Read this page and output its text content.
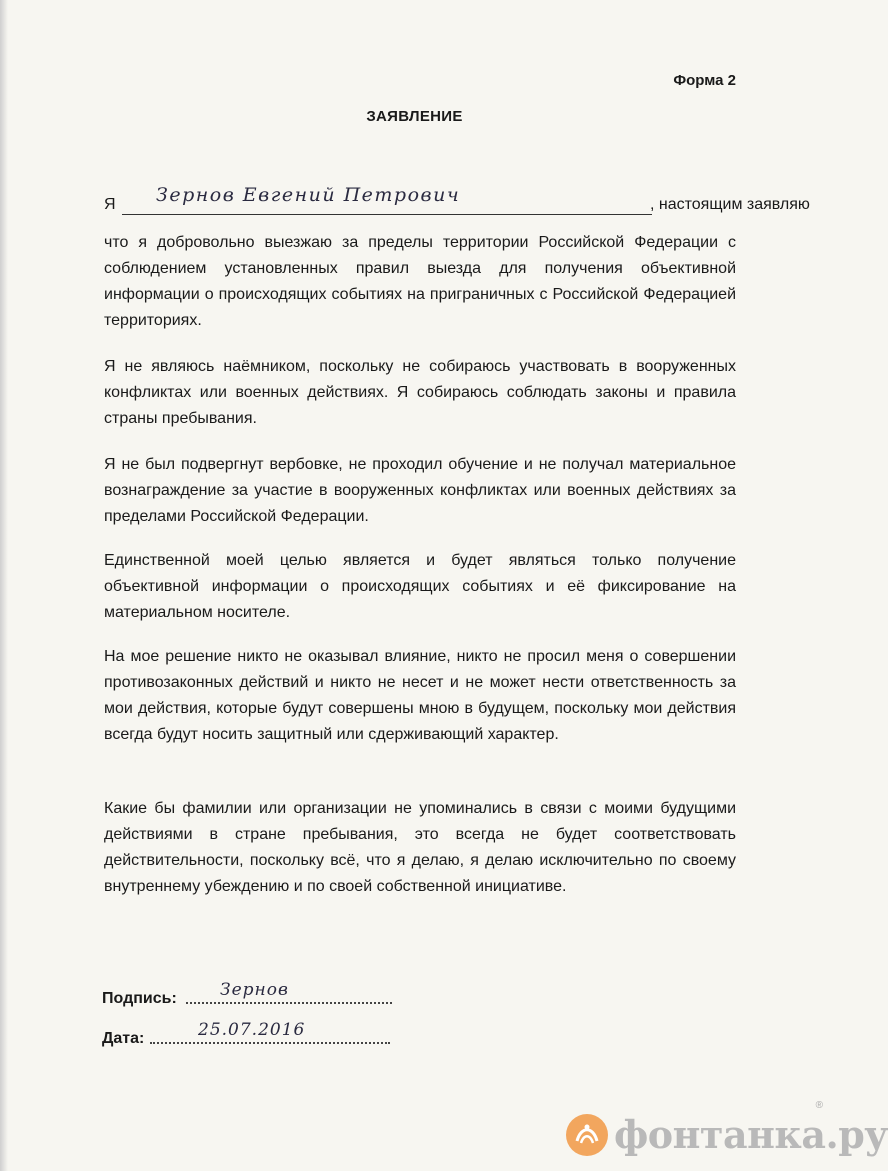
Форма 2
ЗАЯВЛЕНИЕ
Я Зернов Евгений Петрович	, настоящим заявляю

что я добровольно выезжаю за пределы территории Российской Федерации с соблюдением установленных правил выезда для получения объективной информации о происходящих событиях на приграничных с Российской Федерацией территориях.

Я не являюсь наёмником, поскольку не собираюсь участвовать в вооруженных конфликтах или военных действиях. Я собираюсь соблюдать законы и правила страны пребывания.

Я не был подвергнут вербовке, не проходил обучение и не получал материальное вознаграждение за участие в вооруженных конфликтах или военных действиях за пределами Российской Федерации.

Единственной моей целью является и будет являться только получение объективной информации о происходящих событиях и её фиксирование на материальном носителе.

На мое решение никто не оказывал влияние, никто не просил меня о совершении противозаконных действий и никто не несет и не может нести ответственность за мои действия, которые будут совершены мною в будущем, поскольку мои действия всегда будут носить защитный или сдерживающий характер.

Какие бы фамилии или организации не упоминались в связи с моими будущими действиями в стране пребывания, это всегда не будет соответствовать действительности, поскольку всё, что я делаю, я делаю исключительно по своему внутреннему убеждению и по своей собственной инициативе.

Подпись:	Зернов
Дата:	25.07.2016
фонтанка.ру
®
